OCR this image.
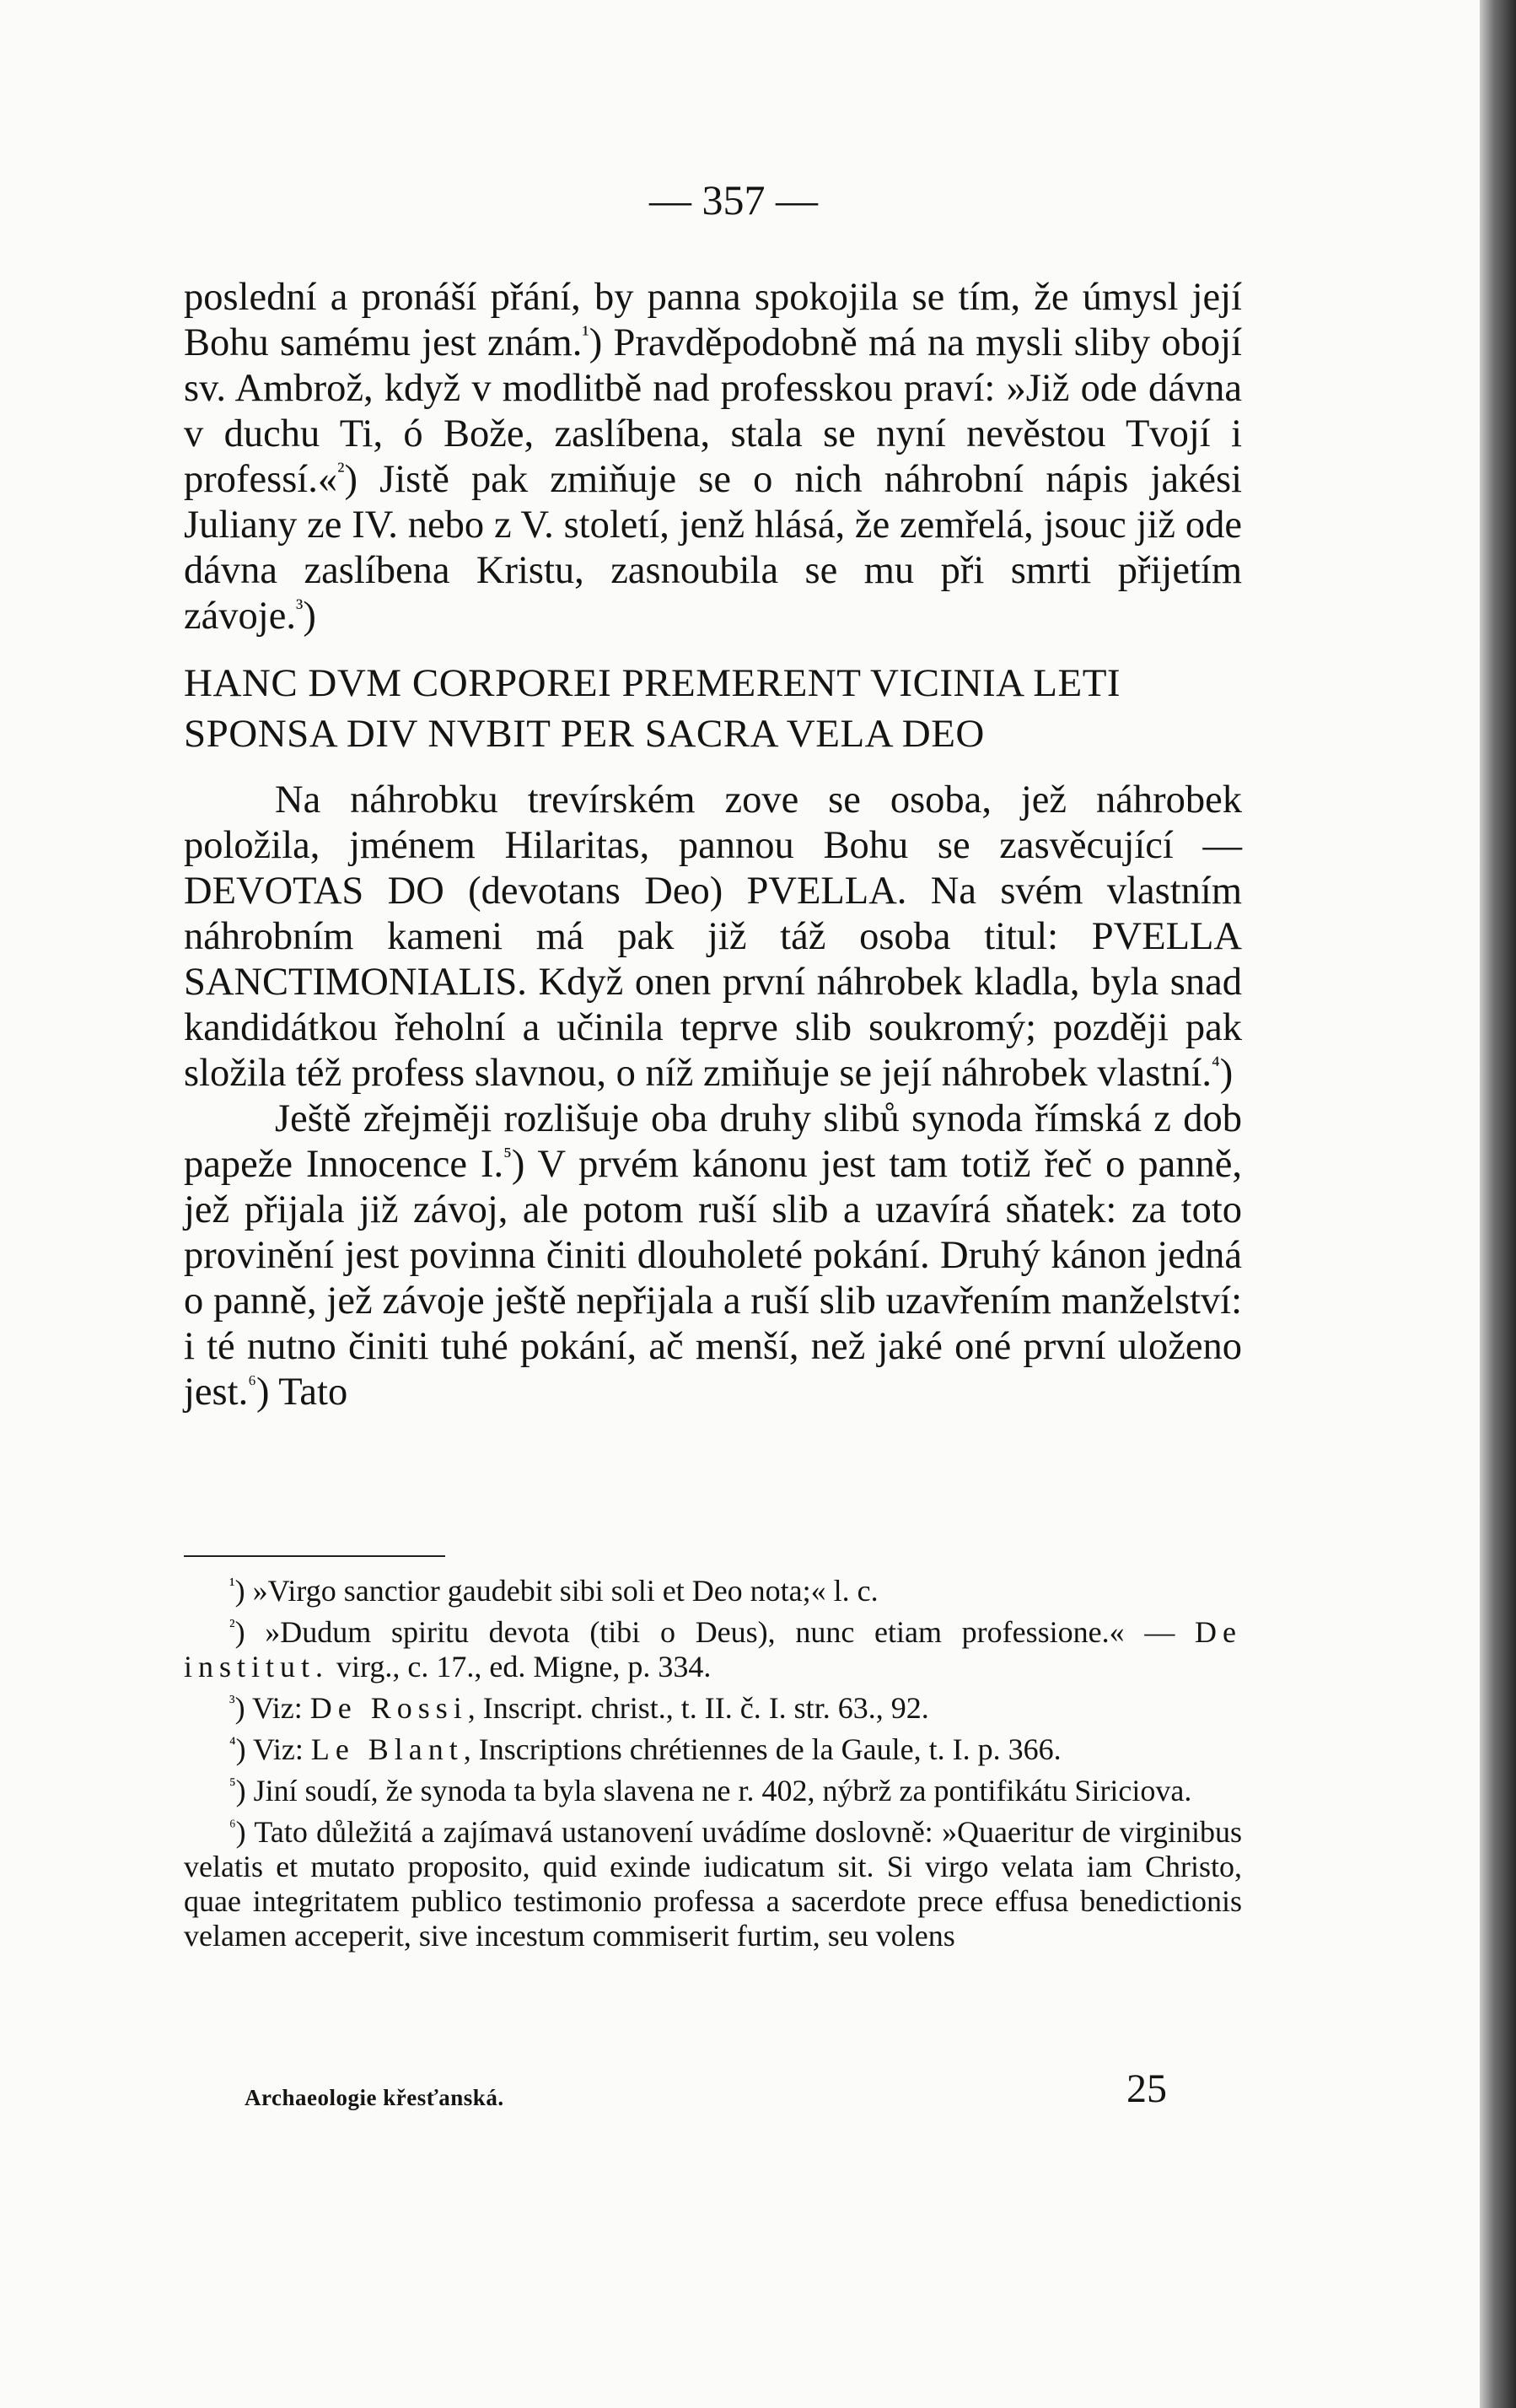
— 357 —

poslední a pronáší přání, by panna spokojila se tím, že úmysl její Bohu samému jest znám.$^{^1}$) Pravděpodobně má na mysli sliby obojí sv. Ambrož, když v modlitbě nad professkou praví: »Již ode dávna v duchu Ti, ó Bože, zaslíbena, stala se nyní nevěstou Tvojí i professí.«$^{^2}$) Jistě pak zmiňuje se o nich náhrobní nápis jakési Juliany ze IV. nebo z V. století, jenž hlásá, že zemřelá, jsouc již ode dávna zaslíbena Kristu, zasnoubila se mu při smrti přijetím závoje.$^{^3}$)

HANC DVM CORPOREI PREMERENT VICINIA LETI
SPONSA DIV NVBIT PER SACRA VELA DEO

Na náhrobku trevírském zove se osoba, jež náhrobek položila, jménem Hilaritas, pannou Bohu se zasvěcující — DEVOTAS DO (devotans Deo) PVELLA. Na svém vlastním náhrobním kameni má pak již táž osoba titul: PVELLA SANCTIMONIALIS. Když onen první náhrobek kladla, byla snad kandidátkou řeholní a učinila teprve slib soukromý; později pak složila též profess slavnou, o níž zmiňuje se její náhrobek vlastní.$^{^4}$)

Ještě zřejměji rozlišuje oba druhy slibů synoda římská z dob papeže Innocence I.$^{^5}$) V prvém kánonu jest tam totiž řeč o panně, jež přijala již závoj, ale potom ruší slib a uzavírá sňatek: za toto provinění jest povinna činiti dlouholeté pokání. Druhý kánon jedná o panně, jež závoje ještě nepřijala a ruší slib uzavřením manželství: i té nutno činiti tuhé pokání, ač menší, než jaké oné první uloženo jest.$^{^6}$) Tato

$^{^1}$) »Virgo sanctior gaudebit sibi soli et Deo nota;« l. c.

$^{^2}$) »Dudum spiritu devota (tibi o Deus), nunc etiam professione.« — De institut. virg., c. 17., ed. Migne, p. 334.

$^{^3}$) Viz: De Rossi, Inscript. christ., t. II. č. I. str. 63., 92.

$^{^4}$) Viz: Le Blant, Inscriptions chrétiennes de la Gaule, t. I. p. 366.

$^{^5}$) Jiní soudí, že synoda ta byla slavena ne r. 402, nýbrž za pontifikátu Siriciova.

$^{^6}$) Tato důležitá a zajímavá ustanovení uvádíme doslovně: »Quaeritur de virginibus velatis et mutato proposito, quid exinde iudicatum sit. Si virgo velata iam Christo, quae integritatem publico testimonio professa a sacerdote prece effusa benedictionis velamen acceperit, sive incestum commiserit furtim, seu volens

Archaeologie křesťanská.	25
